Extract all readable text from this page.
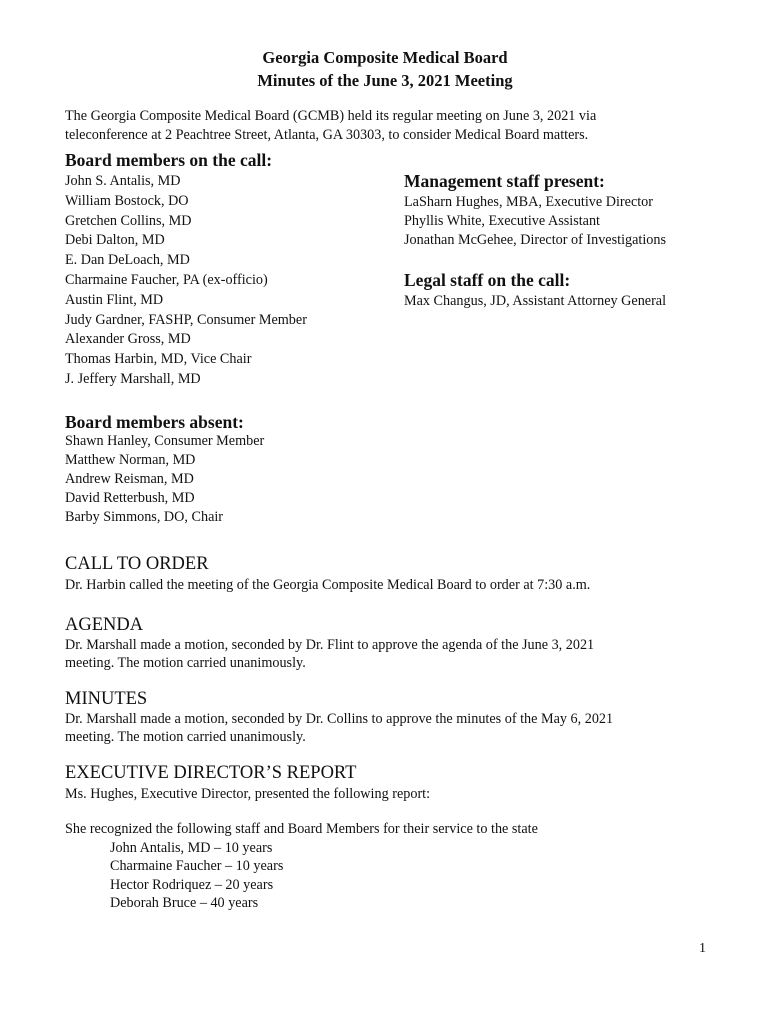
Georgia Composite Medical Board
Minutes of the June 3, 2021 Meeting
The Georgia Composite Medical Board (GCMB) held its regular meeting on June 3, 2021 via
teleconference at 2 Peachtree Street, Atlanta, GA 30303, to consider Medical Board matters.
Board members on the call:
John S. Antalis, MD
William Bostock, DO
Gretchen Collins, MD
Debi Dalton, MD
E. Dan DeLoach, MD
Charmaine Faucher, PA (ex-officio)
Austin Flint, MD
Judy Gardner, FASHP, Consumer Member
Alexander Gross, MD
Thomas Harbin, MD, Vice Chair
J. Jeffery Marshall, MD
Management staff present:
LaSharn Hughes, MBA, Executive Director
Phyllis White, Executive Assistant
Jonathan McGehee, Director of Investigations
Legal staff on the call:
Max Changus, JD, Assistant Attorney General
Board members absent:
Shawn Hanley, Consumer Member
Matthew Norman, MD
Andrew Reisman, MD
David Retterbush, MD
Barby Simmons, DO, Chair
CALL TO ORDER
Dr. Harbin called the meeting of the Georgia Composite Medical Board to order at 7:30 a.m.
AGENDA
Dr. Marshall made a motion, seconded by Dr. Flint to approve the agenda of the June 3, 2021
meeting. The motion carried unanimously.
MINUTES
Dr. Marshall made a motion, seconded by Dr. Collins to approve the minutes of the May 6, 2021
meeting. The motion carried unanimously.
EXECUTIVE DIRECTOR’S REPORT
Ms. Hughes, Executive Director, presented the following report:
She recognized the following staff and Board Members for their service to the state
John Antalis, MD – 10 years
Charmaine Faucher – 10 years
Hector Rodriquez – 20 years
Deborah Bruce – 40 years
1
